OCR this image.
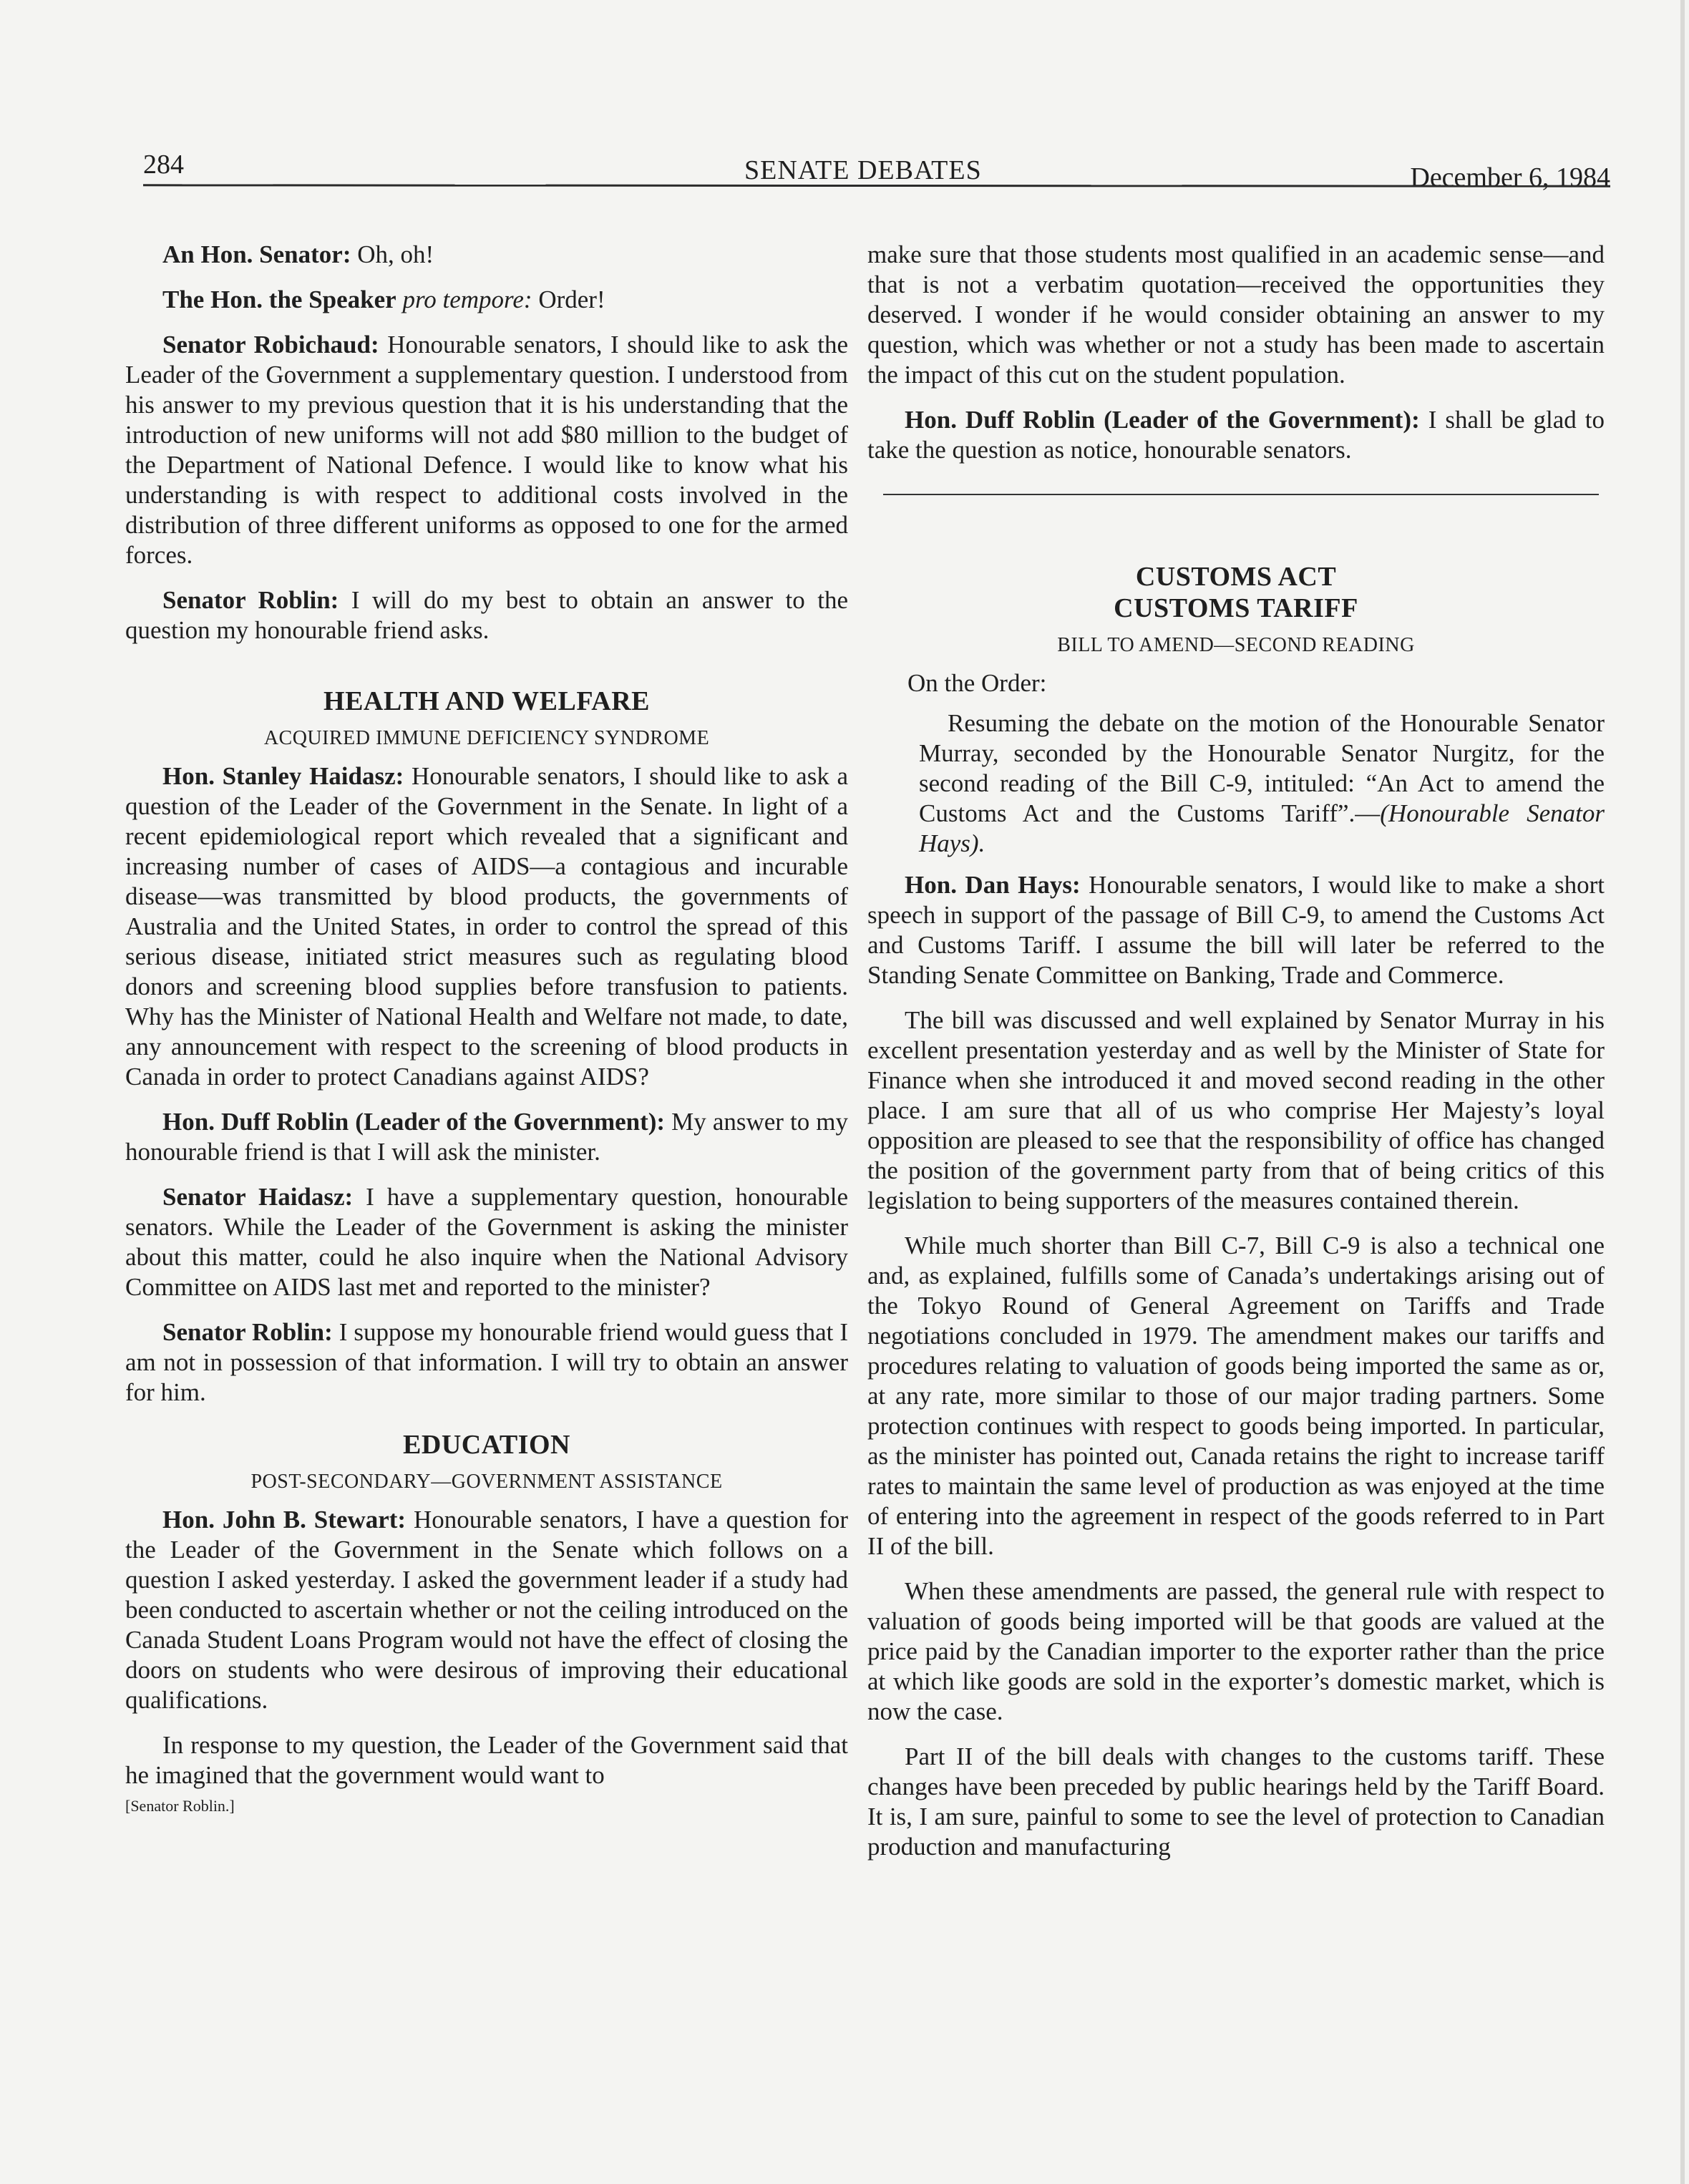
284	SENATE DEBATES	December 6, 1984

An Hon. Senator: Oh, oh!

The Hon. the Speaker pro tempore: Order!

Senator Robichaud: Honourable senators, I should like to ask the Leader of the Government a supplementary question. I understood from his answer to my previous question that it is his understanding that the introduction of new uniforms will not add $80 million to the budget of the Department of National Defence. I would like to know what his understanding is with respect to additional costs involved in the distribution of three different uniforms as opposed to one for the armed forces.

Senator Roblin: I will do my best to obtain an answer to the question my honourable friend asks.

HEALTH AND WELFARE
ACQUIRED IMMUNE DEFICIENCY SYNDROME

Hon. Stanley Haidasz: Honourable senators, I should like to ask a question of the Leader of the Government in the Senate. In light of a recent epidemiological report which revealed that a significant and increasing number of cases of AIDS—a contagious and incurable disease—was transmitted by blood products, the governments of Australia and the United States, in order to control the spread of this serious disease, initiated strict measures such as regulating blood donors and screening blood supplies before transfusion to patients. Why has the Minister of National Health and Welfare not made, to date, any announcement with respect to the screening of blood products in Canada in order to protect Canadians against AIDS?

Hon. Duff Roblin (Leader of the Government): My answer to my honourable friend is that I will ask the minister.

Senator Haidasz: I have a supplementary question, honourable senators. While the Leader of the Government is asking the minister about this matter, could he also inquire when the National Advisory Committee on AIDS last met and reported to the minister?

Senator Roblin: I suppose my honourable friend would guess that I am not in possession of that information. I will try to obtain an answer for him.

EDUCATION
POST-SECONDARY—GOVERNMENT ASSISTANCE

Hon. John B. Stewart: Honourable senators, I have a question for the Leader of the Government in the Senate which follows on a question I asked yesterday. I asked the government leader if a study had been conducted to ascertain whether or not the ceiling introduced on the Canada Student Loans Program would not have the effect of closing the doors on students who were desirous of improving their educational qualifications.

In response to my question, the Leader of the Government said that he imagined that the government would want to

[Senator Roblin.]

make sure that those students most qualified in an academic sense—and that is not a verbatim quotation—received the opportunities they deserved. I wonder if he would consider obtaining an answer to my question, which was whether or not a study has been made to ascertain the impact of this cut on the student population.

Hon. Duff Roblin (Leader of the Government): I shall be glad to take the question as notice, honourable senators.

CUSTOMS ACT
CUSTOMS TARIFF
BILL TO AMEND—SECOND READING

On the Order:

Resuming the debate on the motion of the Honourable Senator Murray, seconded by the Honourable Senator Nurgitz, for the second reading of the Bill C-9, intituled: “An Act to amend the Customs Act and the Customs Tariff”.—(Honourable Senator Hays).

Hon. Dan Hays: Honourable senators, I would like to make a short speech in support of the passage of Bill C-9, to amend the Customs Act and Customs Tariff. I assume the bill will later be referred to the Standing Senate Committee on Banking, Trade and Commerce.

The bill was discussed and well explained by Senator Murray in his excellent presentation yesterday and as well by the Minister of State for Finance when she introduced it and moved second reading in the other place. I am sure that all of us who comprise Her Majesty’s loyal opposition are pleased to see that the responsibility of office has changed the position of the government party from that of being critics of this legislation to being supporters of the measures contained therein.

While much shorter than Bill C-7, Bill C-9 is also a technical one and, as explained, fulfills some of Canada’s undertakings arising out of the Tokyo Round of General Agreement on Tariffs and Trade negotiations concluded in 1979. The amendment makes our tariffs and procedures relating to valuation of goods being imported the same as or, at any rate, more similar to those of our major trading partners. Some protection continues with respect to goods being imported. In particular, as the minister has pointed out, Canada retains the right to increase tariff rates to maintain the same level of production as was enjoyed at the time of entering into the agreement in respect of the goods referred to in Part II of the bill.

When these amendments are passed, the general rule with respect to valuation of goods being imported will be that goods are valued at the price paid by the Canadian importer to the exporter rather than the price at which like goods are sold in the exporter’s domestic market, which is now the case.

Part II of the bill deals with changes to the customs tariff. These changes have been preceded by public hearings held by the Tariff Board. It is, I am sure, painful to some to see the level of protection to Canadian production and manufacturing
